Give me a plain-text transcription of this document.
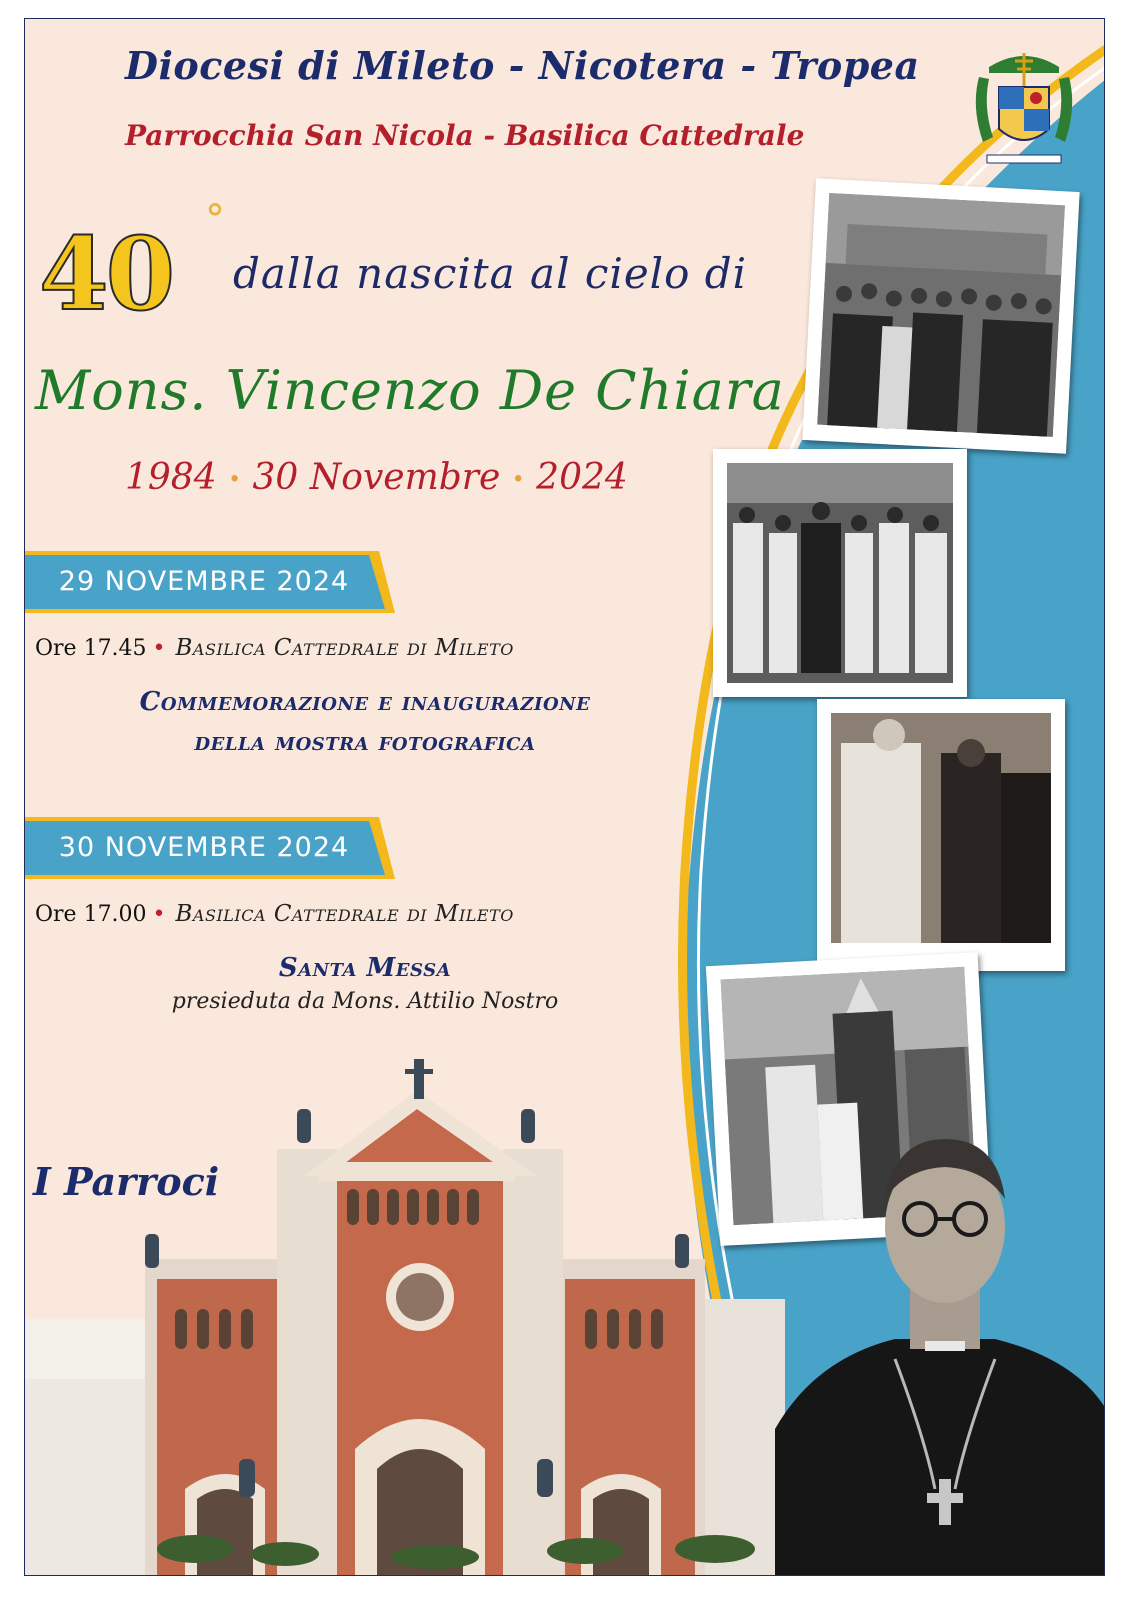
Diocesi di Mileto - Nicotera - Tropea
Parrocchia San Nicola - Basilica Cattedrale
40 °
dalla nascita al cielo di
Mons. Vincenzo De Chiara
1984 • 30 Novembre • 2024
29 NOVEMBRE 2024
Ore 17.45 • Basilica Cattedrale di Mileto
Commemorazione e inaugurazione
della mostra fotografica
30 NOVEMBRE 2024
Ore 17.00 • Basilica Cattedrale di Mileto
Santa Messa
presieduta da Mons. Attilio Nostro
I Parroci
